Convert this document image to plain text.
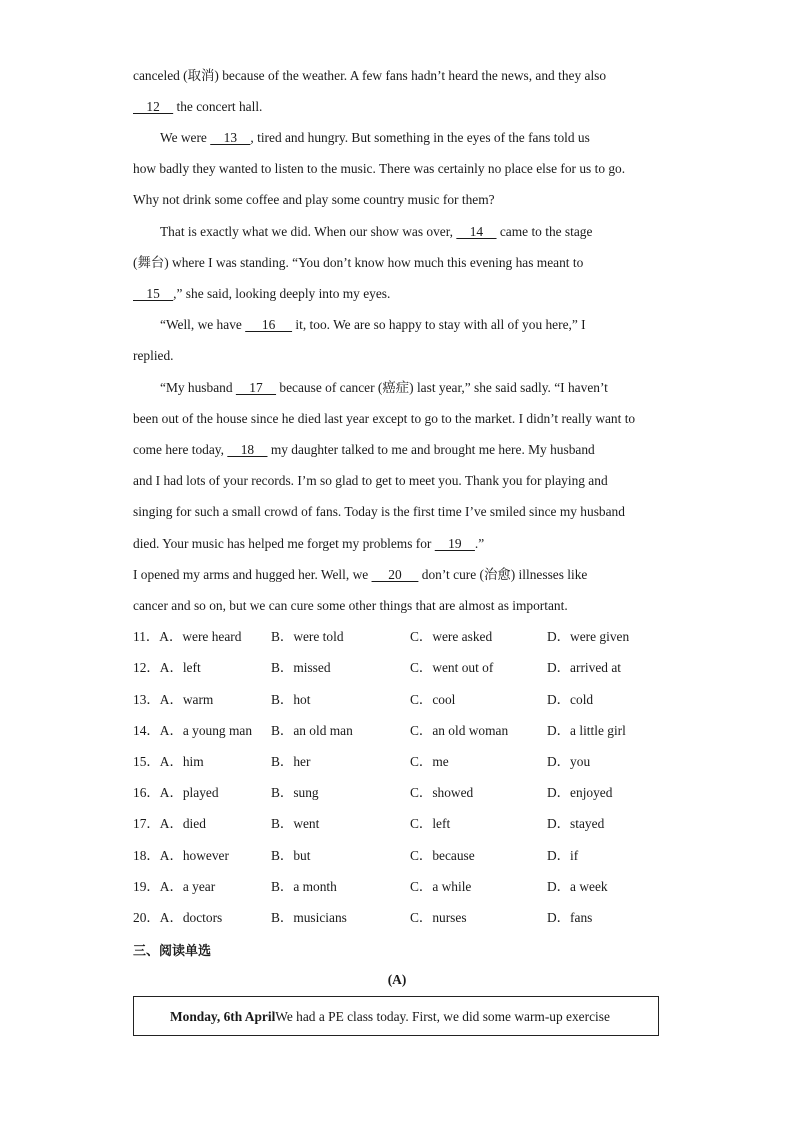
canceled (取消) because of the weather. A few fans hadn’t heard the news, and they also
12     the concert hall.
We were     13    , tired and hungry. But something in the eyes of the fans told us
how badly they wanted to listen to the music. There was certainly no place else for us to go.
Why not drink some coffee and play some country music for them?
That is exactly what we did. When our show was over,     14     came to the stage
(舞台) where I was standing. “You don’t know how much this evening has meant to
15    ,” she said, looking deeply into my eyes.
“Well, we have      16      it, too. We are so happy to stay with all of you here,” I
replied.
“My husband     17     because of cancer (癌症) last year,” she said sadly. “I haven’t
been out of the house since he died last year except to go to the market. I didn’t really want to
come here today,     18     my daughter talked to me and brought me here. My husband
and I had lots of your records. I’m so glad to get to meet you. Thank you for playing and
singing for such a small crowd of fans. Today is the first time I’ve smiled since my husband
died. Your music has helped me forget my problems for     19    .”
I opened my arms and hugged her. Well, we      20      don’t cure (治愈) illnesses like
cancer and so on, but we can cure some other things that are almost as important.
11．A．were heard B．were told	C．were asked	D．were given
12．A．left	B．missed	C．went out of	D．arrived at
13．A．warm	B．hot	C．cool	D．cold
14．A．a young man B．an old man	C．an old woman	D．a little girl
15．A．him	B．her	C．me	D．you
16．A．played	B．sung	C．showed	D．enjoyed
17．A．died	B．went	C．left	D．stayed
18．A．however	B．but	C．because	D．if
19．A．a year	B．a month	C．a while	D．a week
20．A．doctors	B．musicians	C．nurses	D．fans
三、阅读单选
(A)
Monday, 6th AprilWe had a PE class today. First, we did some warm-up exercise
